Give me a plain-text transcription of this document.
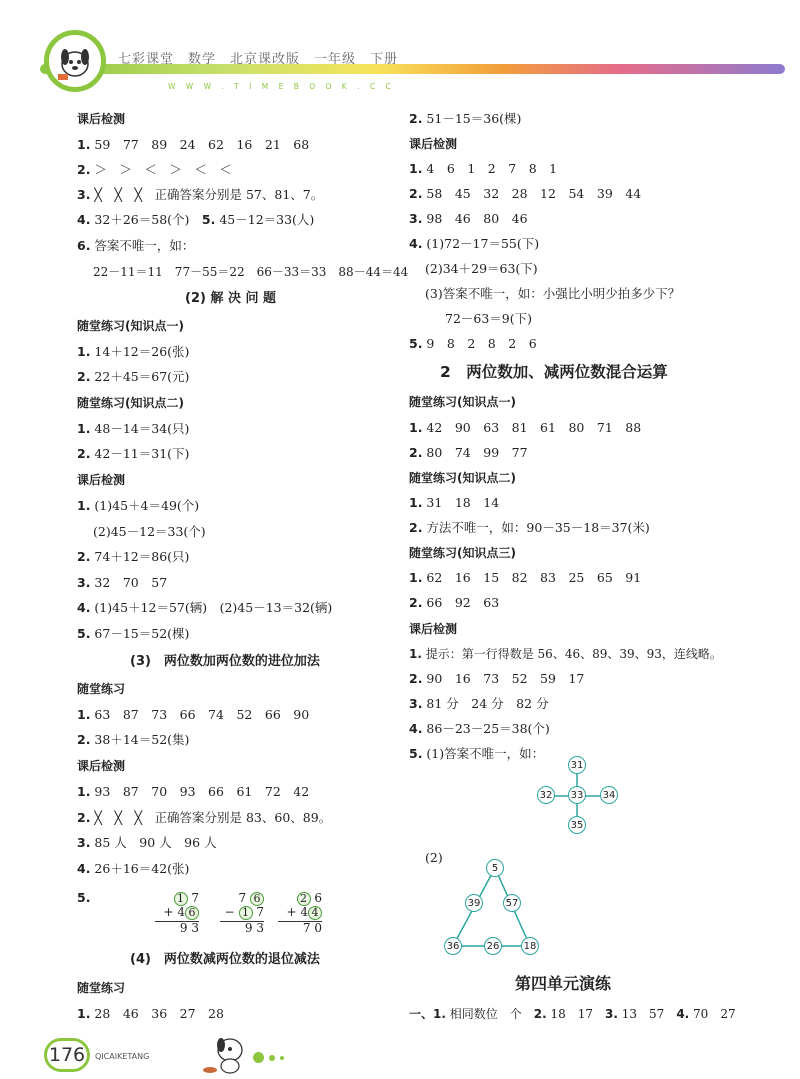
七彩课堂　数学　北京课改版　一年级　下册
W W W . T I M E B O O K . C C
课后检测
1. 59　77　89　24　62　16　21　68
2. ＞　＞　＜　＞　＜　＜
3. ╳　╳　╳　正确答案分别是 57、81、7。
4. 32＋26＝58(个)　5. 45－12＝33(人)
6. 答案不唯一，如：
22－11＝11　77－55＝22　66－33＝33　88－44＝44
(2) 解 决 问 题
随堂练习(知识点一)
1. 14＋12＝26(张)
2. 22＋45＝67(元)
随堂练习(知识点二)
1. 48－14＝34(只)
2. 42－11＝31(下)
课后检测
1. (1)45＋4＝49(个)
(2)45－12＝33(个)
2. 74＋12＝86(只)
3. 32　70　57
4. (1)45＋12＝57(辆)　(2)45－13＝32(辆)
5. 67－15＝52(棵)
(3)　两位数加两位数的进位加法
随堂练习
1. 63　87　73　66　74　52　66　90
2. 38＋14＝52(集)
课后检测
1. 93　87　70　93　66　61　72　42
2. ╳　╳　╳　正确答案分别是 83、60、89。
3. 85 人　90 人　96 人
4. 26＋16＝42(张)
5.	1 7
+ 4 6
9 3
7 6
− 1 7
9 3
2 6
+ 4 4
7 0
(4)　两位数减两位数的退位减法
随堂练习
1. 28　46　36　27　28
2. 51－15＝36(棵)
课后检测
1. 4　6　1　2　7　8　1
2. 58　45　32　28　12　54　39　44
3. 98　46　80　46
4. (1)72－17＝55(下)
(2)34＋29＝63(下)
(3)答案不唯一，如：小强比小明少拍多少下？
72－63＝9(下)
5. 9　8　2　8　2　6
2　两位数加、减两位数混合运算
随堂练习(知识点一)
1. 42　90　63　81　61　80　71　88
2. 80　74　99　77
随堂练习(知识点二)
1. 31　18　14
2. 方法不唯一，如：90－35－18＝37(米)
随堂练习(知识点三)
1. 62　16　15　82　83　25　65　91
2. 66　92　63
课后检测
1. 提示：第一行得数是 56、46、89、39、93，连线略。
2. 90　16　73　52　59　17
3. 81 分　24 分　82 分
4. 86－23－25＝38(个)
5. (1)答案不唯一，如：
31
32 33 34
35
(2)
5
39	57
36	26 18
第四单元演练
一、1. 相同数位　个　2. 18　17　3. 13　57　4. 70　27
176	QICAIKETANG
